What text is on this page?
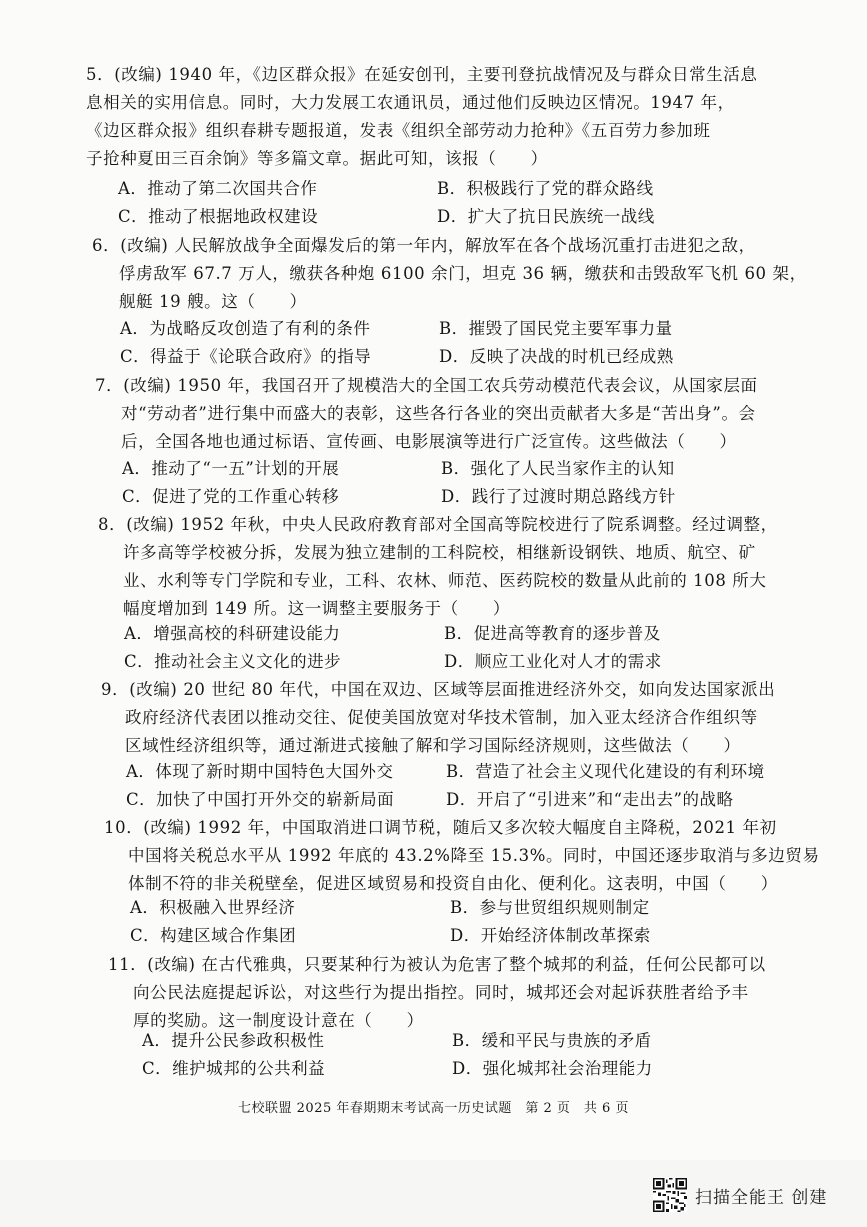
5．(改编) 1940 年，《边区群众报》在延安创刊，主要刊登抗战情况及与群众日常生活息
息相关的实用信息。同时，大力发展工农通讯员，通过他们反映边区情况。1947 年，
《边区群众报》组织春耕专题报道，发表《组织全部劳动力抢种》《五百劳力参加班
子抢种夏田三百余饷》等多篇文章。据此可知，该报（　　）
A．推动了第二次国共合作	B．积极践行了党的群众路线
C．推动了根据地政权建设	D．扩大了抗日民族统一战线
6．(改编) 人民解放战争全面爆发后的第一年内，解放军在各个战场沉重打击进犯之敌，
俘虏敌军 67.7 万人，缴获各种炮 6100 余门，坦克 36 辆，缴获和击毁敌军飞机 60 架，
舰艇 19 艘。这（　　）
A．为战略反攻创造了有利的条件	B．摧毁了国民党主要军事力量
C．得益于《论联合政府》的指导	D．反映了决战的时机已经成熟
7．(改编) 1950 年，我国召开了规模浩大的全国工农兵劳动模范代表会议，从国家层面
对“劳动者”进行集中而盛大的表彰，这些各行各业的突出贡献者大多是“苦出身”。会
后，全国各地也通过标语、宣传画、电影展演等进行广泛宣传。这些做法（　　）
A．推动了“一五”计划的开展	B．强化了人民当家作主的认知
C．促进了党的工作重心转移	D．践行了过渡时期总路线方针
8．(改编) 1952 年秋，中央人民政府教育部对全国高等院校进行了院系调整。经过调整，
许多高等学校被分拆，发展为独立建制的工科院校，相继新设钢铁、地质、航空、矿
业、水利等专门学院和专业，工科、农林、师范、医药院校的数量从此前的 108 所大
幅度增加到 149 所。这一调整主要服务于（　　）
A．增强高校的科研建设能力	B．促进高等教育的逐步普及
C．推动社会主义文化的进步	D．顺应工业化对人才的需求
9．(改编) 20 世纪 80 年代，中国在双边、区域等层面推进经济外交，如向发达国家派出
政府经济代表团以推动交往、促使美国放宽对华技术管制，加入亚太经济合作组织等
区域性经济组织等，通过渐进式接触了解和学习国际经济规则，这些做法（　　）
A．体现了新时期中国特色大国外交	B．营造了社会主义现代化建设的有利环境
C．加快了中国打开外交的崭新局面	D．开启了“引进来”和“走出去”的战略
10．(改编) 1992 年，中国取消进口调节税，随后又多次较大幅度自主降税，2021 年初
中国将关税总水平从 1992 年底的 43.2%降至 15.3%。同时，中国还逐步取消与多边贸易
体制不符的非关税壁垒，促进区域贸易和投资自由化、便利化。这表明，中国（　　）
A．积极融入世界经济	B．参与世贸组织规则制定
C．构建区域合作集团	D．开始经济体制改革探索
11．(改编) 在古代雅典，只要某种行为被认为危害了整个城邦的利益，任何公民都可以
向公民法庭提起诉讼，对这些行为提出指控。同时，城邦还会对起诉获胜者给予丰
厚的奖励。这一制度设计意在（　　）
A．提升公民参政积极性	B．缓和平民与贵族的矛盾
C．维护城邦的公共利益	D．强化城邦社会治理能力
七校联盟 2025 年春期期末考试高一历史试题　第 2 页　共 6 页
扫描全能王 创建
